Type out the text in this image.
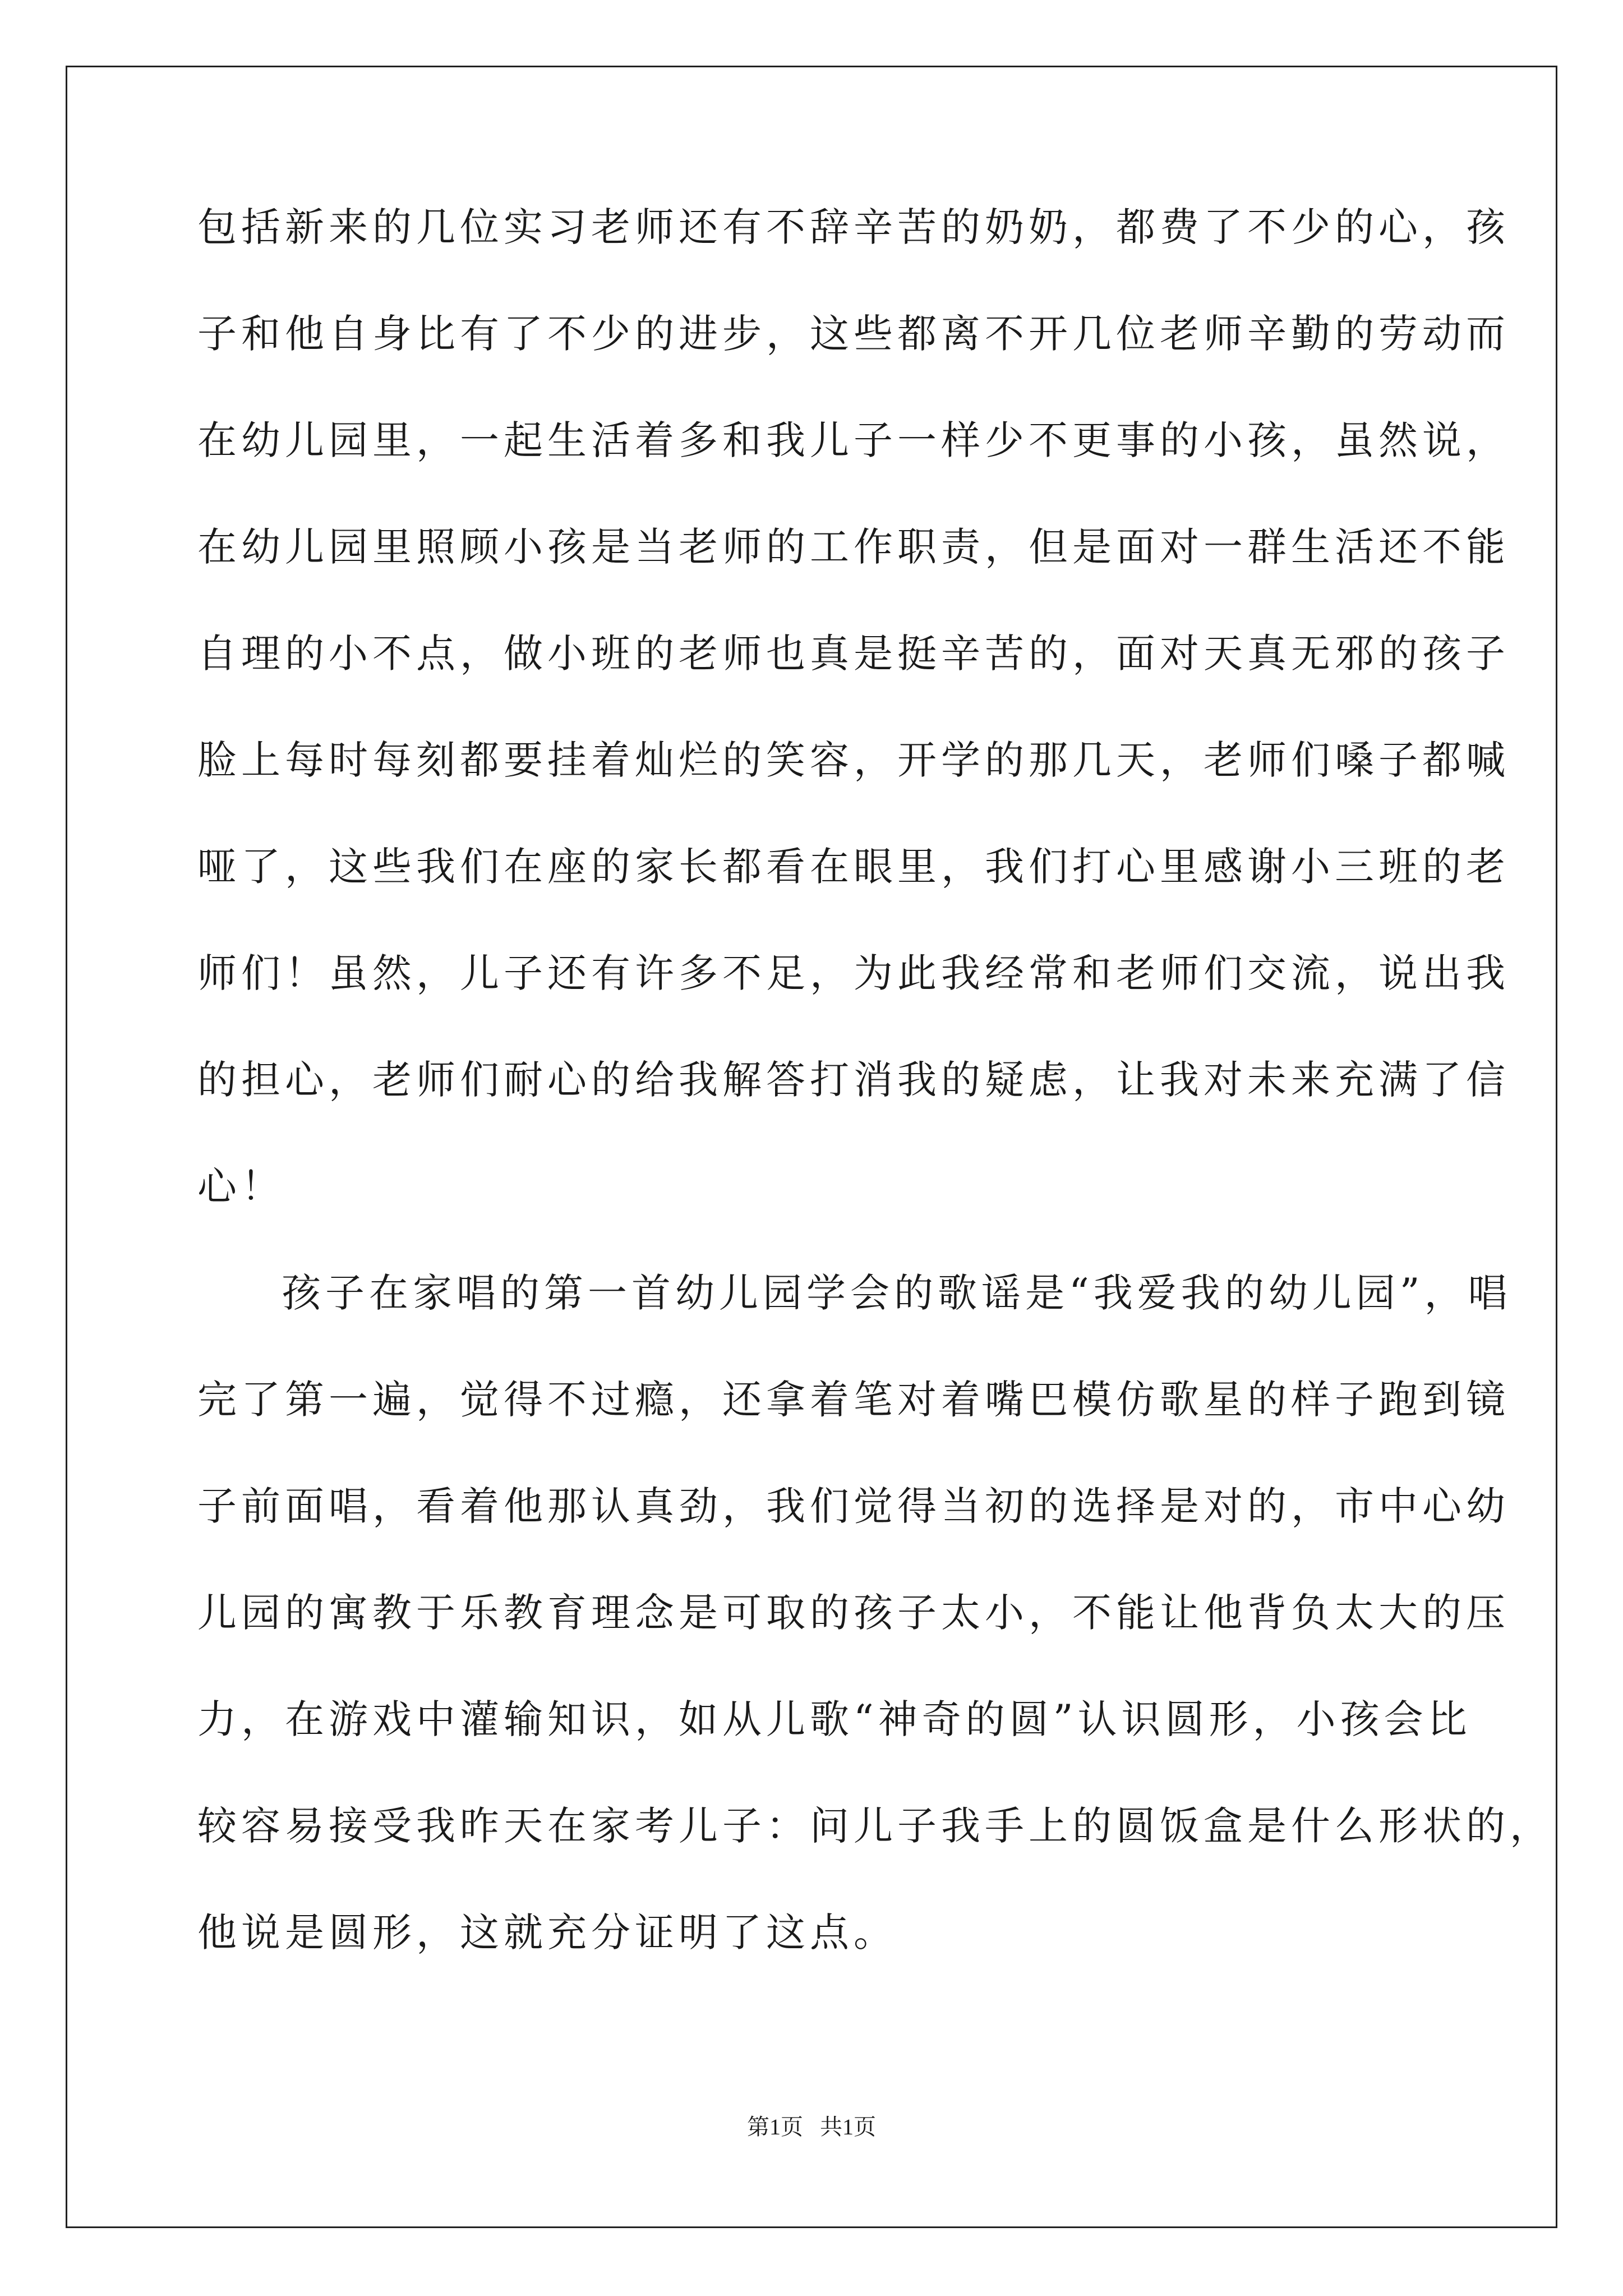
包括新来的几位实习老师还有不辞辛苦的奶奶，都费了不少的心，孩
子和他自身比有了不少的进步，这些都离不开几位老师辛勤的劳动而
在幼儿园里，一起生活着多和我儿子一样少不更事的小孩，虽然说，
在幼儿园里照顾小孩是当老师的工作职责，但是面对一群生活还不能
自理的小不点，做小班的老师也真是挺辛苦的，面对天真无邪的孩子
脸上每时每刻都要挂着灿烂的笑容，开学的那几天，老师们嗓子都喊
哑了，这些我们在座的家长都看在眼里，我们打心里感谢小三班的老
师们！虽然，儿子还有许多不足，为此我经常和老师们交流，说出我
的担心，老师们耐心的给我解答打消我的疑虑，让我对未来充满了信
心！
孩子在家唱的第一首幼儿园学会的歌谣是“我爱我的幼儿园”，唱
完了第一遍，觉得不过瘾，还拿着笔对着嘴巴模仿歌星的样子跑到镜
子前面唱，看着他那认真劲，我们觉得当初的选择是对的，市中心幼
儿园的寓教于乐教育理念是可取的孩子太小，不能让他背负太大的压
力，在游戏中灌输知识，如从儿歌“神奇的圆”认识圆形，小孩会比
较容易接受我昨天在家考儿子：问儿子我手上的圆饭盒是什么形状的，
他说是圆形，这就充分证明了这点。
第1页 共1页
